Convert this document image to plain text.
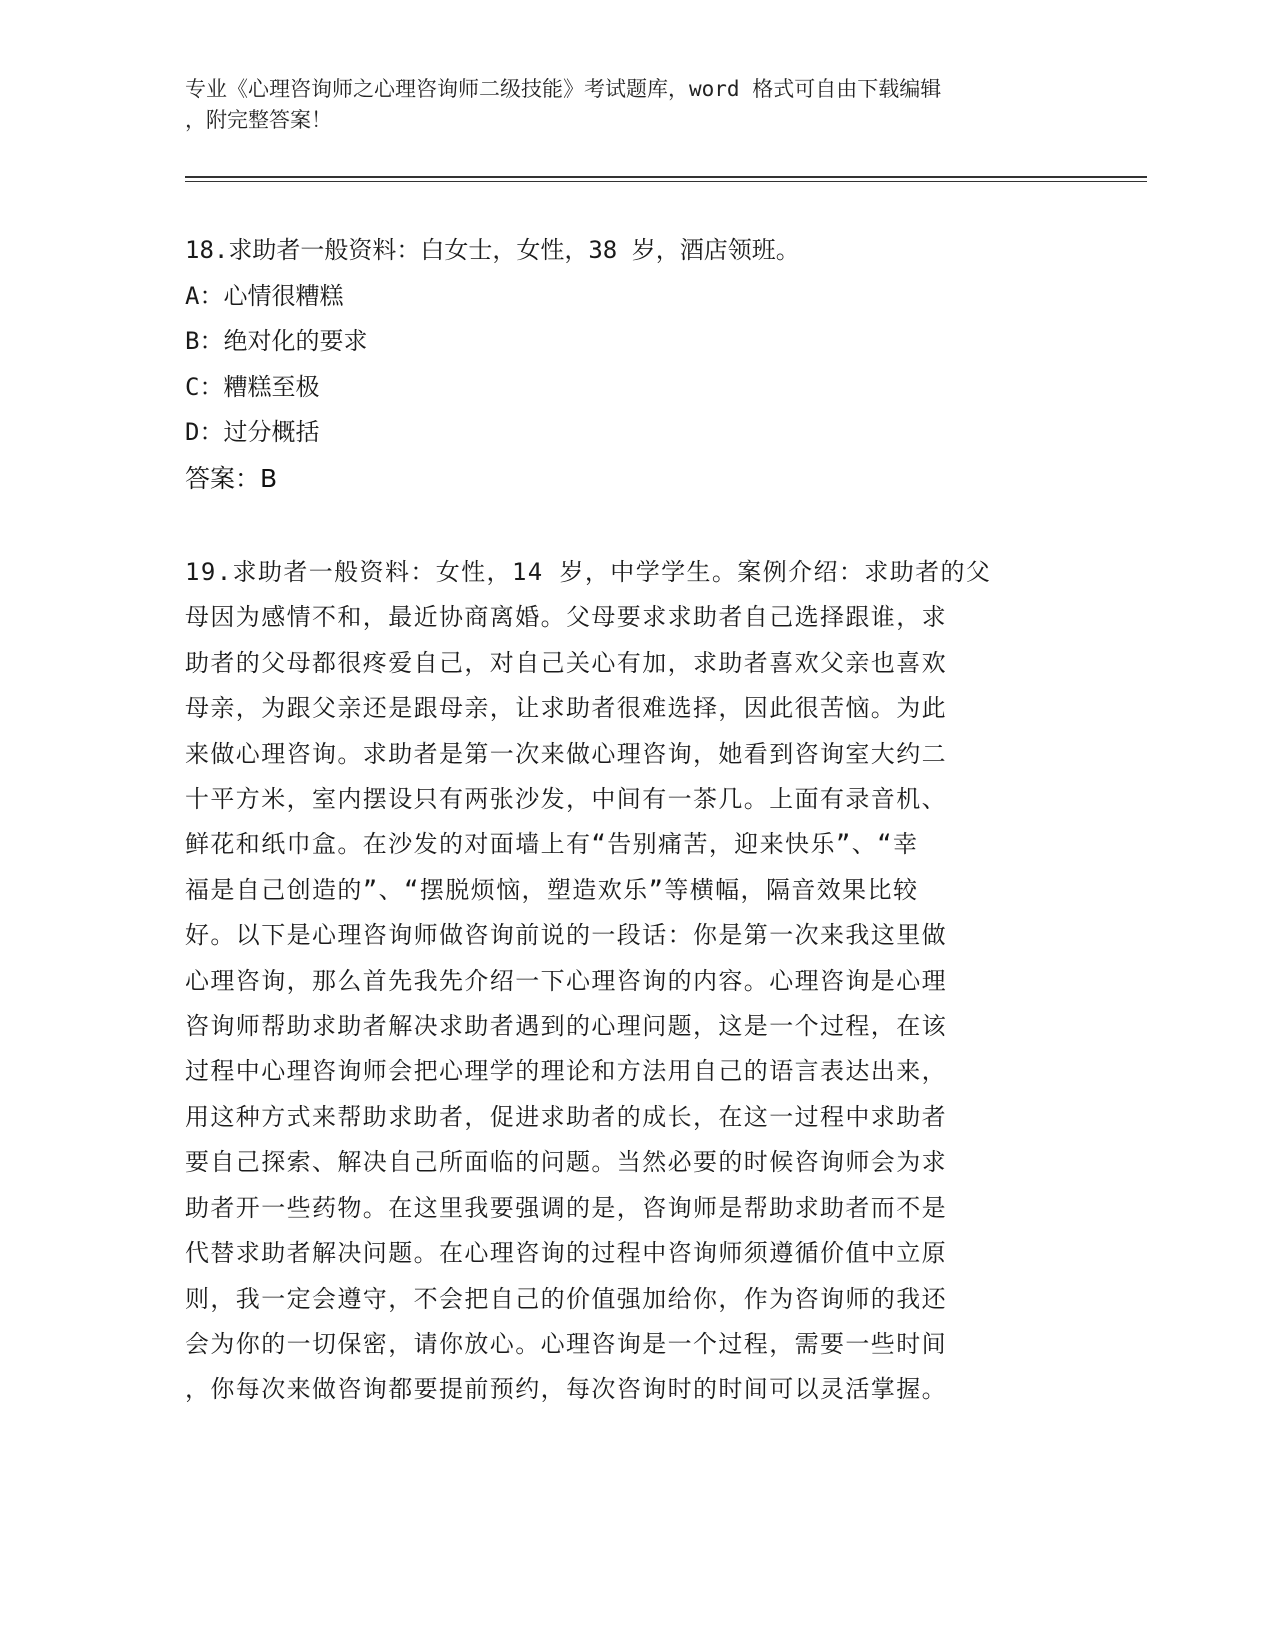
专业《心理咨询师之心理咨询师二级技能》考试题库，word 格式可自由下载编辑
，附完整答案！
18.求助者一般资料：白女士，女性，38 岁，酒店领班。
A：心情很糟糕
B：绝对化的要求
C：糟糕至极
D：过分概括
答案：B
19.求助者一般资料：女性，14 岁，中学学生。案例介绍：求助者的父
母因为感情不和，最近协商离婚。父母要求求助者自己选择跟谁，求
助者的父母都很疼爱自己，对自己关心有加，求助者喜欢父亲也喜欢
母亲，为跟父亲还是跟母亲，让求助者很难选择，因此很苦恼。为此
来做心理咨询。求助者是第一次来做心理咨询，她看到咨询室大约二
十平方米，室内摆设只有两张沙发，中间有一茶几。上面有录音机、
鲜花和纸巾盒。在沙发的对面墙上有“告别痛苦，迎来快乐”、“幸
福是自己创造的”、“摆脱烦恼，塑造欢乐”等横幅，隔音效果比较
好。以下是心理咨询师做咨询前说的一段话：你是第一次来我这里做
心理咨询，那么首先我先介绍一下心理咨询的内容。心理咨询是心理
咨询师帮助求助者解决求助者遇到的心理问题，这是一个过程，在该
过程中心理咨询师会把心理学的理论和方法用自己的语言表达出来，
用这种方式来帮助求助者，促进求助者的成长，在这一过程中求助者
要自己探索、解决自己所面临的问题。当然必要的时候咨询师会为求
助者开一些药物。在这里我要强调的是，咨询师是帮助求助者而不是
代替求助者解决问题。在心理咨询的过程中咨询师须遵循价值中立原
则，我一定会遵守，不会把自己的价值强加给你，作为咨询师的我还
会为你的一切保密，请你放心。心理咨询是一个过程，需要一些时间
，你每次来做咨询都要提前预约，每次咨询时的时间可以灵活掌握。
